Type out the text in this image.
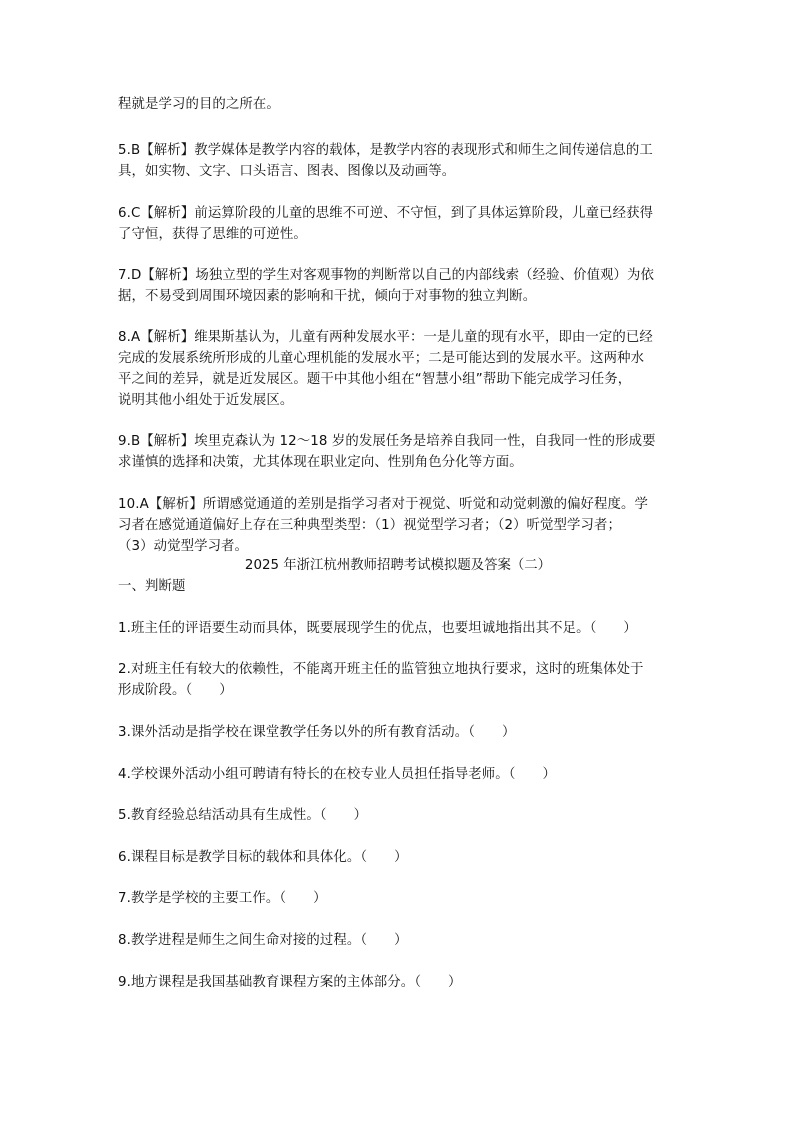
程就是学习的目的之所在。
5.B【解析】教学媒体是教学内容的载体，是教学内容的表现形式和师生之间传递信息的工
具，如实物、文字、口头语言、图表、图像以及动画等。
6.C【解析】前运算阶段的儿童的思维不可逆、不守恒，到了具体运算阶段，儿童已经获得
了守恒，获得了思维的可逆性。
7.D【解析】场独立型的学生对客观事物的判断常以自己的内部线索（经验、价值观）为依
据，不易受到周围环境因素的影响和干扰，倾向于对事物的独立判断。
8.A【解析】维果斯基认为，儿童有两种发展水平：一是儿童的现有水平，即由一定的已经
完成的发展系统所形成的儿童心理机能的发展水平；二是可能达到的发展水平。这两种水
平之间的差异，就是近发展区。题干中其他小组在“智慧小组”帮助下能完成学习任务，
说明其他小组处于近发展区。
9.B【解析】埃里克森认为 12～18 岁的发展任务是培养自我同一性，自我同一性的形成要
求谨慎的选择和决策，尤其体现在职业定向、性别角色分化等方面。
10.A【解析】所谓感觉通道的差别是指学习者对于视觉、听觉和动觉刺激的偏好程度。学
习者在感觉通道偏好上存在三种典型类型：（1）视觉型学习者；（2）听觉型学习者；
（3）动觉型学习者。
2025 年浙江杭州教师招聘考试模拟题及答案（二）
一、判断题
1.班主任的评语要生动而具体，既要展现学生的优点，也要坦诚地指出其不足。（　　）
2.对班主任有较大的依赖性，不能离开班主任的监管独立地执行要求，这时的班集体处于
形成阶段。（　　）
3.课外活动是指学校在课堂教学任务以外的所有教育活动。（　　）
4.学校课外活动小组可聘请有特长的在校专业人员担任指导老师。（　　）
5.教育经验总结活动具有生成性。（　　）
6.课程目标是教学目标的载体和具体化。（　　）
7.教学是学校的主要工作。（　　）
8.教学进程是师生之间生命对接的过程。（　　）
9.地方课程是我国基础教育课程方案的主体部分。（　　）
